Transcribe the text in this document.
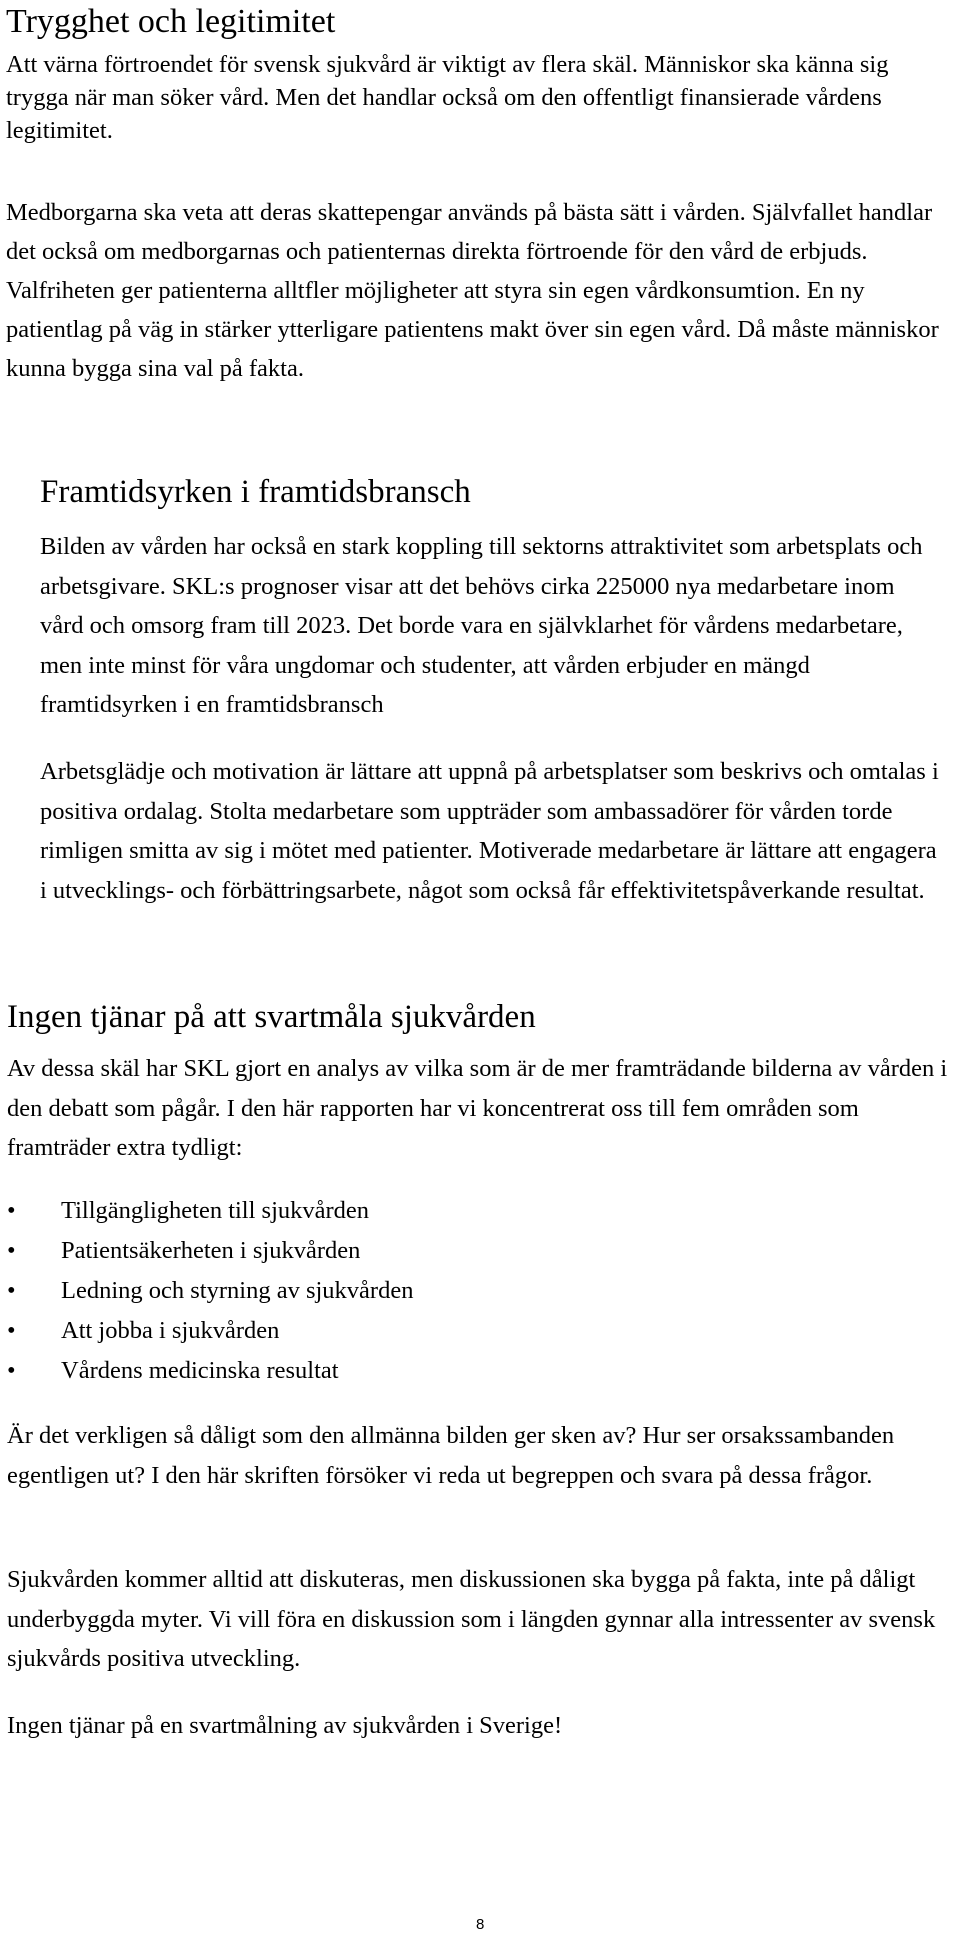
Trygghet och legitimitet

Att värna förtroendet för svensk sjukvård är viktigt av flera skäl. Människor ska känna sig trygga när man söker vård. Men det handlar också om den offentligt finansierade vårdens legitimitet.

Medborgarna ska veta att deras skattepengar används på bästa sätt i vården. Självfallet handlar det också om medborgarnas och patienternas direkta förtroende för den vård de erbjuds. Valfriheten ger patienterna alltfler möjligheter att styra sin egen vårdkonsumtion. En ny patientlag på väg in stärker ytterligare patientens makt över sin egen vård. Då måste människor kunna bygga sina val på fakta.

Framtidsyrken i framtidsbransch

Bilden av vården har också en stark koppling till sektorns attraktivitet som arbetsplats och arbetsgivare. SKL:s prognoser visar att det behövs cirka 225000 nya medarbetare inom vård och omsorg fram till 2023. Det borde vara en självklarhet för vårdens medarbetare, men inte minst för våra ungdomar och studenter, att vården erbjuder en mängd framtidsyrken i en framtidsbransch

Arbetsglädje och motivation är lättare att uppnå på arbetsplatser som beskrivs och omtalas i positiva ordalag. Stolta medarbetare som uppträder som ambassadörer för vården torde rimligen smitta av sig i mötet med patienter. Motiverade medarbetare är lättare att engagera i utvecklings- och förbättringsarbete, något som också får effektivitetspåverkande resultat.

Ingen tjänar på att svartmåla sjukvården

Av dessa skäl har SKL gjort en analys av vilka som är de mer framträdande bilderna av vården i den debatt som pågår. I den här rapporten har vi koncentrerat oss till fem områden som framträder extra tydligt:

• Tillgängligheten till sjukvården
• Patientsäkerheten i sjukvården
• Ledning och styrning av sjukvården
• Att jobba i sjukvården
• Vårdens medicinska resultat

Är det verkligen så dåligt som den allmänna bilden ger sken av? Hur ser orsakssambanden egentligen ut? I den här skriften försöker vi reda ut begreppen och svara på dessa frågor.

Sjukvården kommer alltid att diskuteras, men diskussionen ska bygga på fakta, inte på dåligt underbyggda myter. Vi vill föra en diskussion som i längden gynnar alla intressenter av svensk sjukvårds positiva utveckling.

Ingen tjänar på en svartmålning av sjukvården i Sverige!

8
